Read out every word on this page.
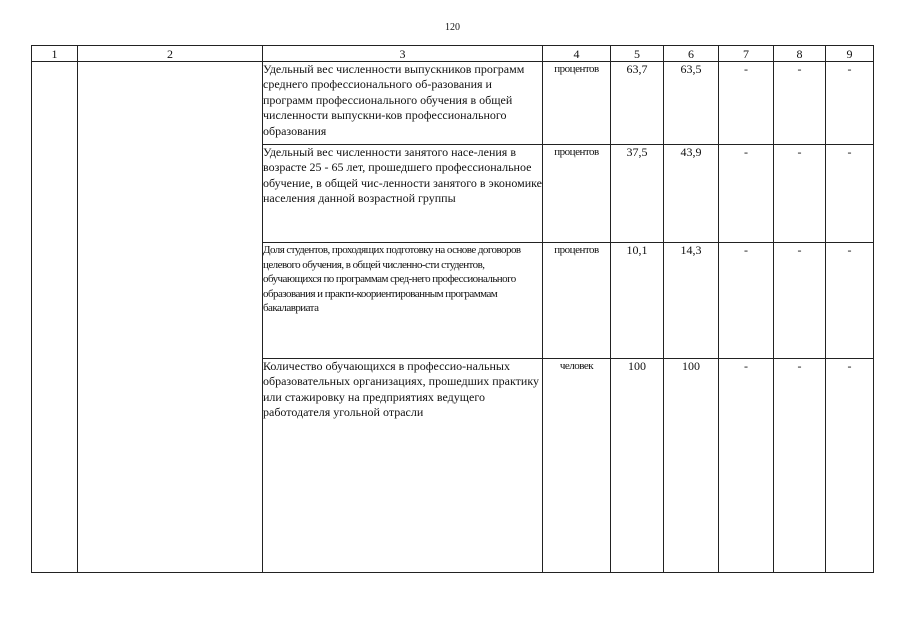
120
1	2	3	4	5	6	7	8	9
		Удельный вес численности выпускников программ среднего профессионального об-разования и программ профессионального обучения в общей численности выпускни-ков профессионального образования	процентов	63,7	63,5	-	-	-
		Удельный вес численности занятого насе-ления в возрасте 25 - 65 лет, прошедшего профессиональное обучение, в общей чис-ленности занятого в экономике населения данной возрастной группы	процентов	37,5	43,9	-	-	-
		Доля студентов, проходящих подготовку на основе договоров целевого обучения, в общей численно-сти студентов, обучающихся по программам сред-него профессионального образования и практи-коориентированным программам бакалавриата	процентов	10,1	14,3	-	-	-
		Количество обучающихся в профессио-нальных образовательных организациях, прошедших практику или стажировку на предприятиях ведущего работодателя угольной отрасли	человек	100	100	-	-	-
